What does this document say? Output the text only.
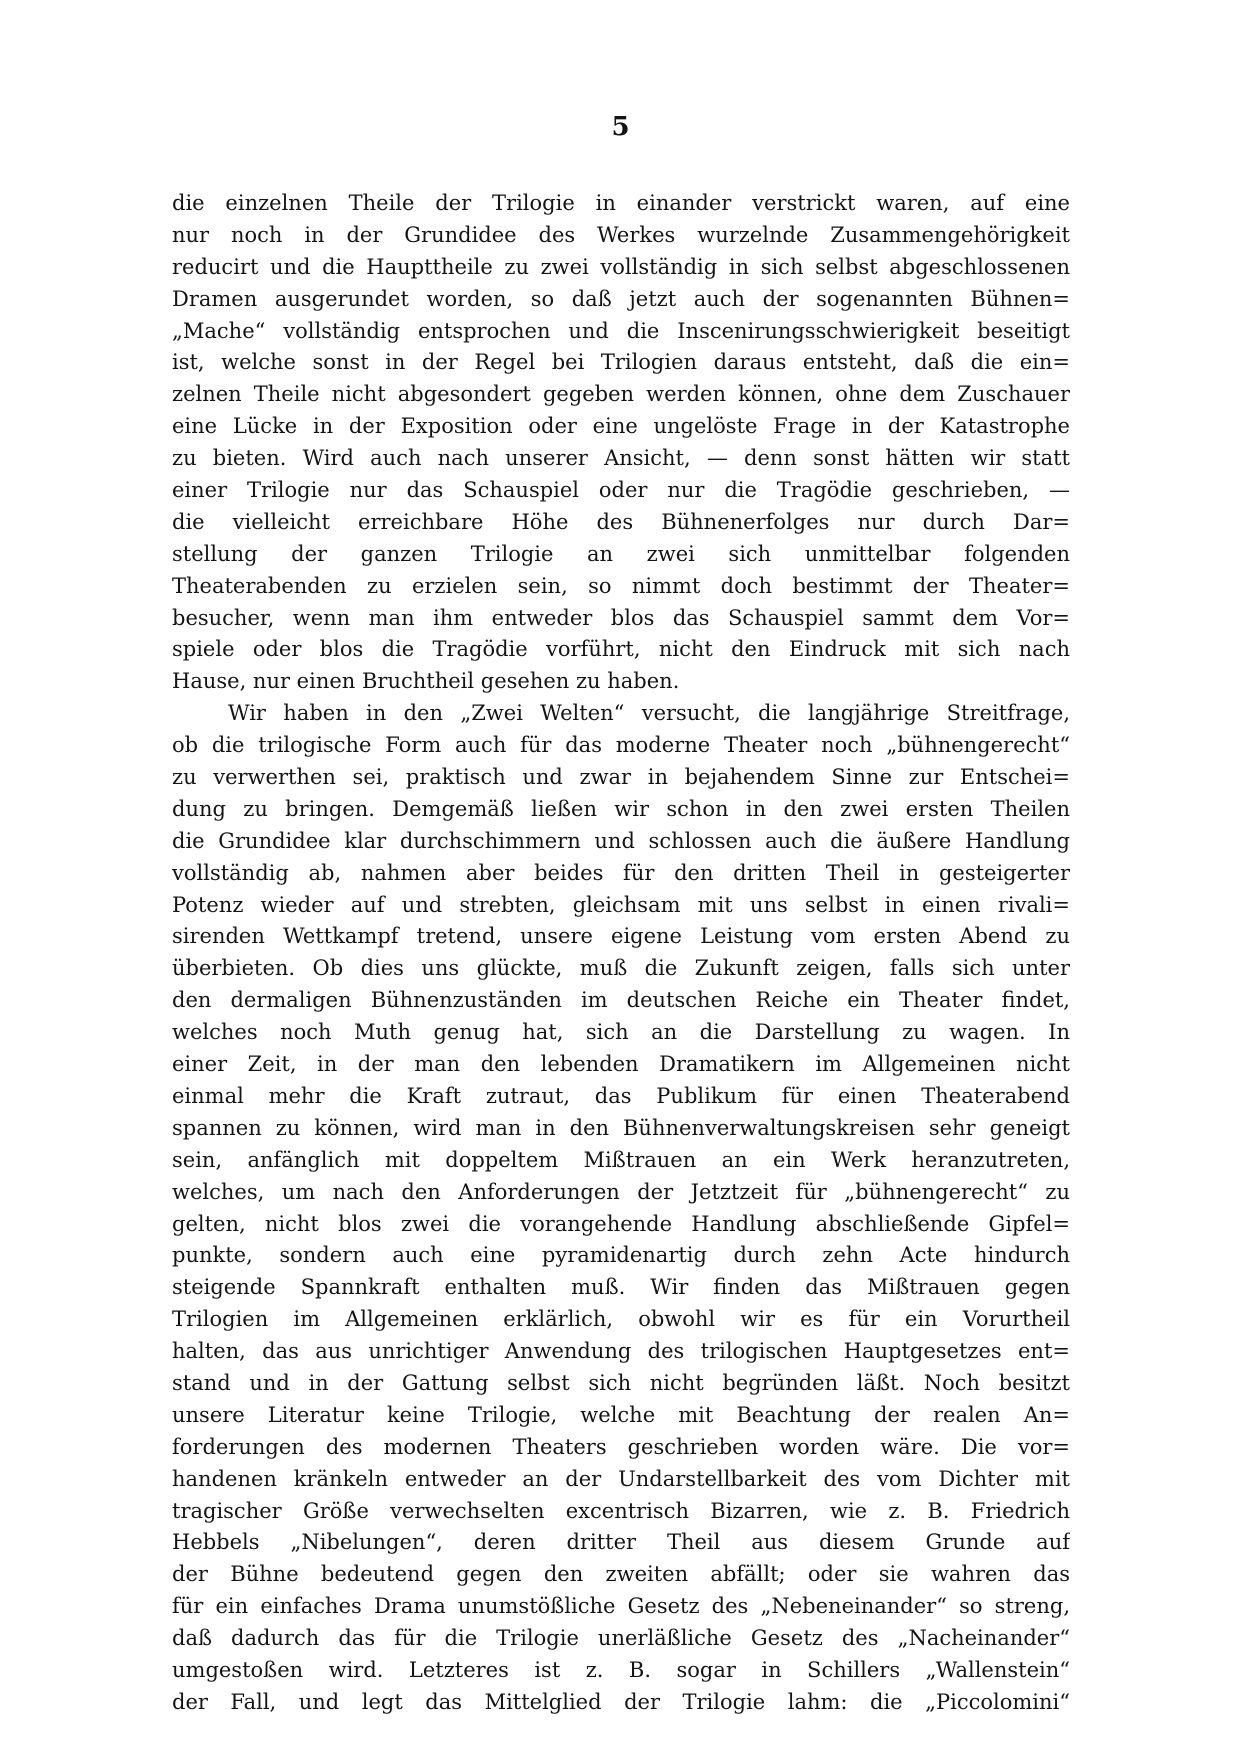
5
die einzelnen Theile der Trilogie in einander verstrickt waren, auf eine
nur noch in der Grundidee des Werkes wurzelnde Zusammengehörigkeit
reducirt und die Haupttheile zu zwei vollständig in sich selbst abgeschlossenen
Dramen ausgerundet worden, so daß jetzt auch der sogenannten Bühnen=
„Mache“ vollständig entsprochen und die Inscenirungsschwierigkeit beseitigt
ist, welche sonst in der Regel bei Trilogien daraus entsteht, daß die ein=
zelnen Theile nicht abgesondert gegeben werden können, ohne dem Zuschauer
eine Lücke in der Exposition oder eine ungelöste Frage in der Katastrophe
zu bieten. Wird auch nach unserer Ansicht, — denn sonst hätten wir statt
einer Trilogie nur das Schauspiel oder nur die Tragödie geschrieben, —
die vielleicht erreichbare Höhe des Bühnenerfolges nur durch Dar=
stellung der ganzen Trilogie an zwei sich unmittelbar folgenden
Theaterabenden zu erzielen sein, so nimmt doch bestimmt der Theater=
besucher, wenn man ihm entweder blos das Schauspiel sammt dem Vor=
spiele oder blos die Tragödie vorführt, nicht den Eindruck mit sich nach
Hause, nur einen Bruchtheil gesehen zu haben.
Wir haben in den „Zwei Welten“ versucht, die langjährige Streitfrage,
ob die trilogische Form auch für das moderne Theater noch „bühnengerecht“
zu verwerthen sei, praktisch und zwar in bejahendem Sinne zur Entschei=
dung zu bringen. Demgemäß ließen wir schon in den zwei ersten Theilen
die Grundidee klar durchschimmern und schlossen auch die äußere Handlung
vollständig ab, nahmen aber beides für den dritten Theil in gesteigerter
Potenz wieder auf und strebten, gleichsam mit uns selbst in einen rivali=
sirenden Wettkampf tretend, unsere eigene Leistung vom ersten Abend zu
überbieten. Ob dies uns glückte, muß die Zukunft zeigen, falls sich unter
den dermaligen Bühnenzuständen im deutschen Reiche ein Theater findet,
welches noch Muth genug hat, sich an die Darstellung zu wagen. In
einer Zeit, in der man den lebenden Dramatikern im Allgemeinen nicht
einmal mehr die Kraft zutraut, das Publikum für einen Theaterabend
spannen zu können, wird man in den Bühnenverwaltungskreisen sehr geneigt
sein, anfänglich mit doppeltem Mißtrauen an ein Werk heranzutreten,
welches, um nach den Anforderungen der Jetztzeit für „bühnengerecht“ zu
gelten, nicht blos zwei die vorangehende Handlung abschließende Gipfel=
punkte, sondern auch eine pyramidenartig durch zehn Acte hindurch
steigende Spannkraft enthalten muß. Wir finden das Mißtrauen gegen
Trilogien im Allgemeinen erklärlich, obwohl wir es für ein Vorurtheil
halten, das aus unrichtiger Anwendung des trilogischen Hauptgesetzes ent=
stand und in der Gattung selbst sich nicht begründen läßt. Noch besitzt
unsere Literatur keine Trilogie, welche mit Beachtung der realen An=
forderungen des modernen Theaters geschrieben worden wäre. Die vor=
handenen kränkeln entweder an der Undarstellbarkeit des vom Dichter mit
tragischer Größe verwechselten excentrisch Bizarren, wie z. B. Friedrich
Hebbels „Nibelungen“, deren dritter Theil aus diesem Grunde auf
der Bühne bedeutend gegen den zweiten abfällt; oder sie wahren das
für ein einfaches Drama unumstößliche Gesetz des „Nebeneinander“ so streng,
daß dadurch das für die Trilogie unerläßliche Gesetz des „Nacheinander“
umgestoßen wird. Letzteres ist z. B. sogar in Schillers „Wallenstein“
der Fall, und legt das Mittelglied der Trilogie lahm: die „Piccolomini“
